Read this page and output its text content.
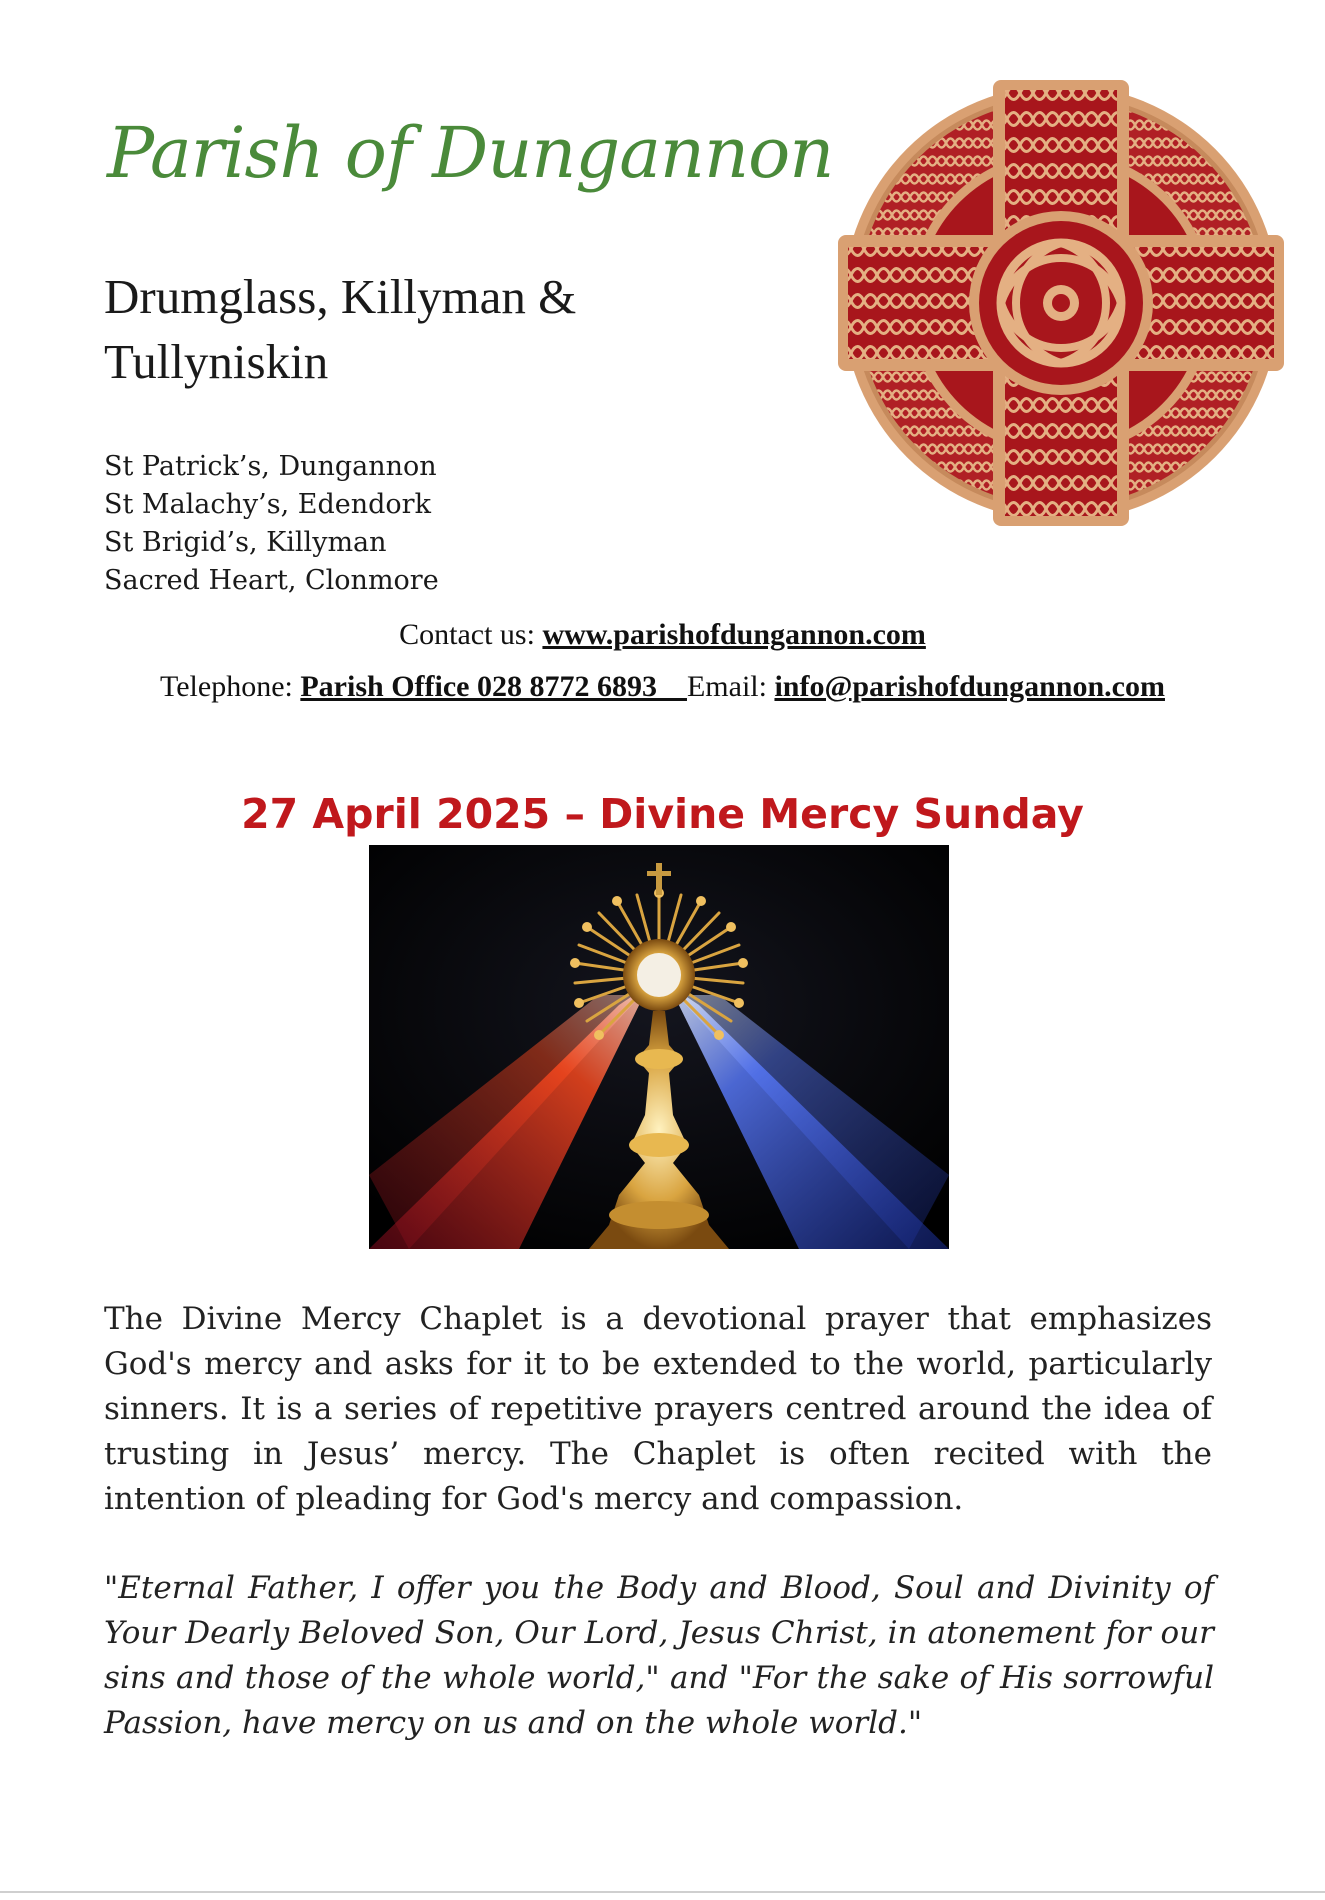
Parish of Dungannon
Drumglass, Killyman &
Tullyniskin
St Patrick’s, Dungannon
St Malachy’s, Edendork
St Brigid’s, Killyman
Sacred Heart, Clonmore
Contact us: www.parishofdungannon.com
Telephone: Parish Office 028 8772 6893    Email: info@parishofdungannon.com
27 April 2025 – Divine Mercy Sunday
The Divine Mercy Chaplet is a devotional prayer that emphasizes God's mercy and asks for it to be extended to the world, particularly sinners. It is a series of repetitive prayers centred around the idea of trusting in Jesus’ mercy. The Chaplet is often recited with the intention of pleading for God's mercy and compassion.
"Eternal Father, I offer you the Body and Blood, Soul and Divinity of Your Dearly Beloved Son, Our Lord, Jesus Christ, in atonement for our sins and those of the whole world," and "For the sake of His sorrowful Passion, have mercy on us and on the whole world."
